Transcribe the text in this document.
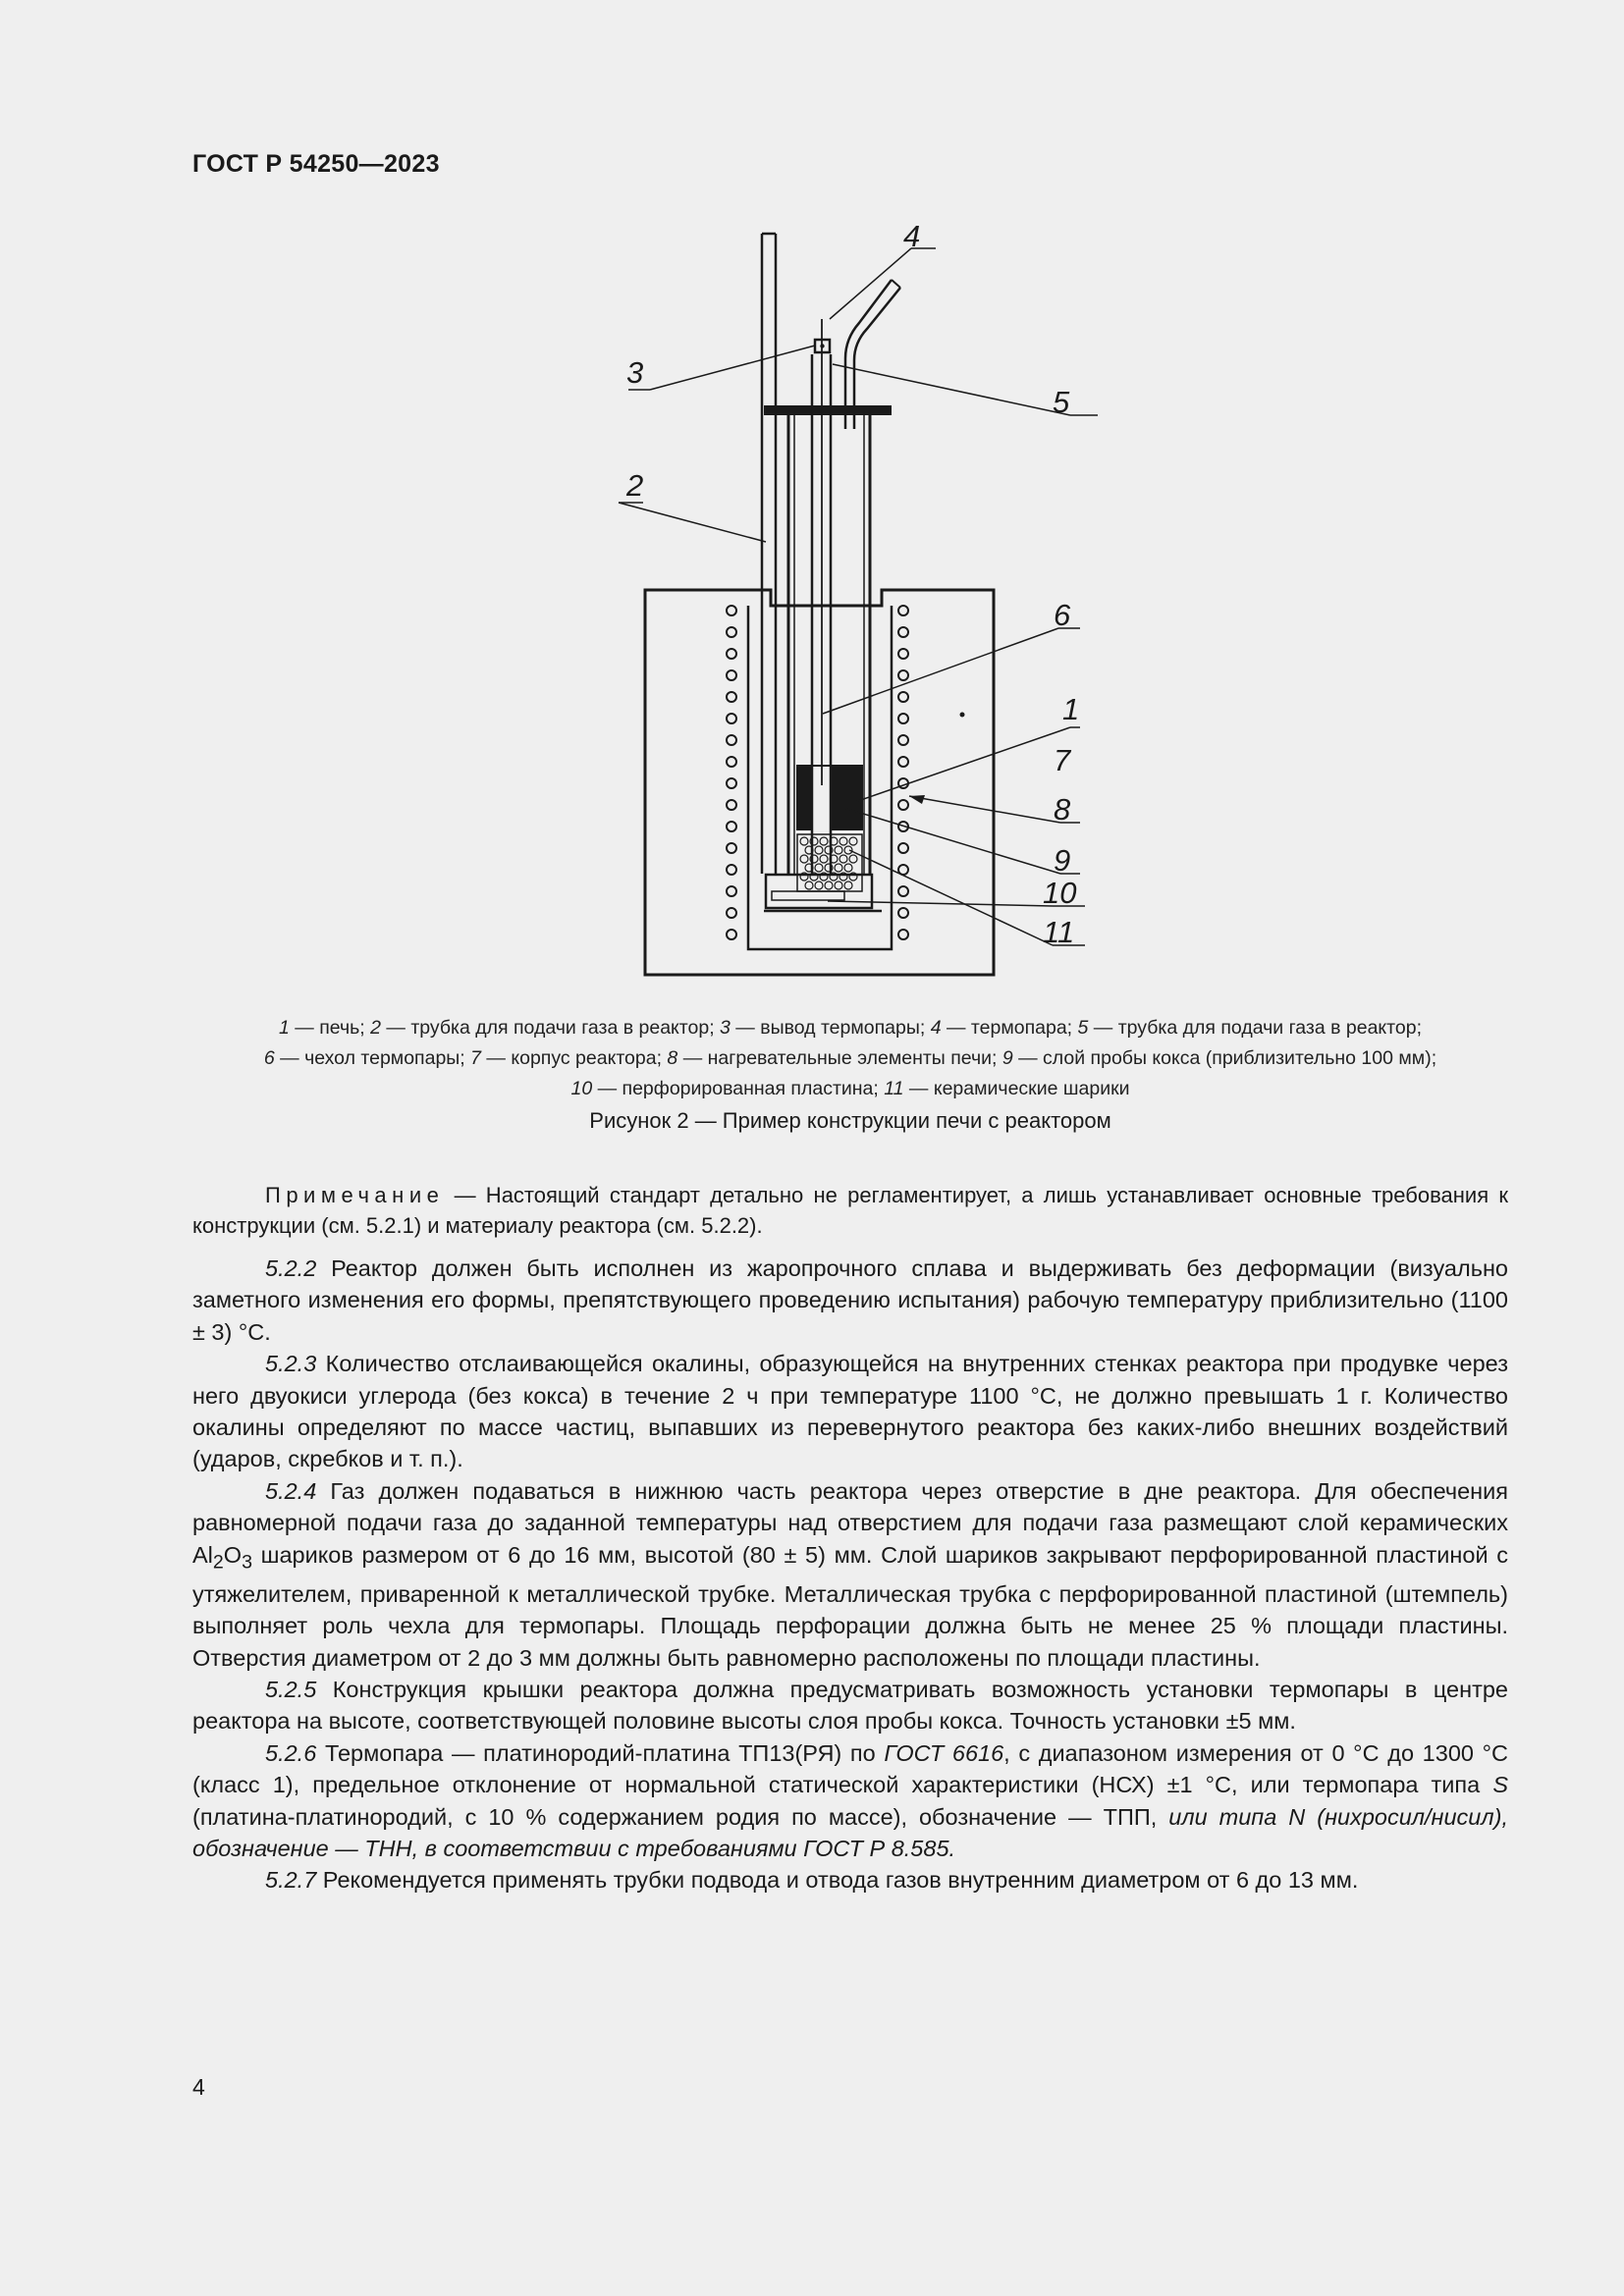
ГОСТ Р 54250—2023
1
2
3
4
5
6
7
8
9
10
11
1 — печь; 2 — трубка для подачи газа в реактор; 3 — вывод термопары; 4 — термопара; 5 — трубка для подачи газа в реактор;
6 — чехол термопары; 7 — корпус реактора; 8 — нагревательные элементы печи; 9 — слой пробы кокса (приблизительно 100 мм);
10 — перфорированная пластина; 11 — керамические шарики
Рисунок 2 — Пример конструкции печи с реактором

Примечание — Настоящий стандарт детально не регламентирует, а лишь устанавливает основные требования к конструкции (см. 5.2.1) и материалу реактора (см. 5.2.2).

5.2.2 Реактор должен быть исполнен из жаропрочного сплава и выдерживать без деформации (визуально заметного изменения его формы, препятствующего проведению испытания) рабочую температуру приблизительно (1100 ± 3) °C.

5.2.3 Количество отслаивающейся окалины, образующейся на внутренних стенках реактора при продувке через него двуокиси углерода (без кокса) в течение 2 ч при температуре 1100 °C, не должно превышать 1 г. Количество окалины определяют по массе частиц, выпавших из перевернутого реактора без каких-либо внешних воздействий (ударов, скребков и т. п.).

5.2.4 Газ должен подаваться в нижнюю часть реактора через отверстие в дне реактора. Для обеспечения равномерной подачи газа до заданной температуры над отверстием для подачи газа размещают слой керамических $Al_2O_3$ шариков размером от 6 до 16 мм, высотой (80 ± 5) мм. Слой шариков закрывают перфорированной пластиной с утяжелителем, приваренной к металлической трубке. Металлическая трубка с перфорированной пластиной (штемпель) выполняет роль чехла для термопары. Площадь перфорации должна быть не менее 25 % площади пластины. Отверстия диаметром от 2 до 3 мм должны быть равномерно расположены по площади пластины.

5.2.5 Конструкция крышки реактора должна предусматривать возможность установки термопары в центре реактора на высоте, соответствующей половине высоты слоя пробы кокса. Точность установки ±5 мм.

5.2.6 Термопара — платинородий-платина ТП13(РЯ) по ГОСТ 6616, с диапазоном измерения от 0 °C до 1300 °C (класс 1), предельное отклонение от нормальной статической характеристики (НСХ) ±1 °C, или термопара типа S (платина-платинородий, с 10 % содержанием родия по массе), обозначение — ТПП, или типа N (нихросил/нисил), обозначение — ТНН, в соответствии с требованиями ГОСТ Р 8.585.

5.2.7 Рекомендуется применять трубки подвода и отвода газов внутренним диаметром от 6 до 13 мм.

4
